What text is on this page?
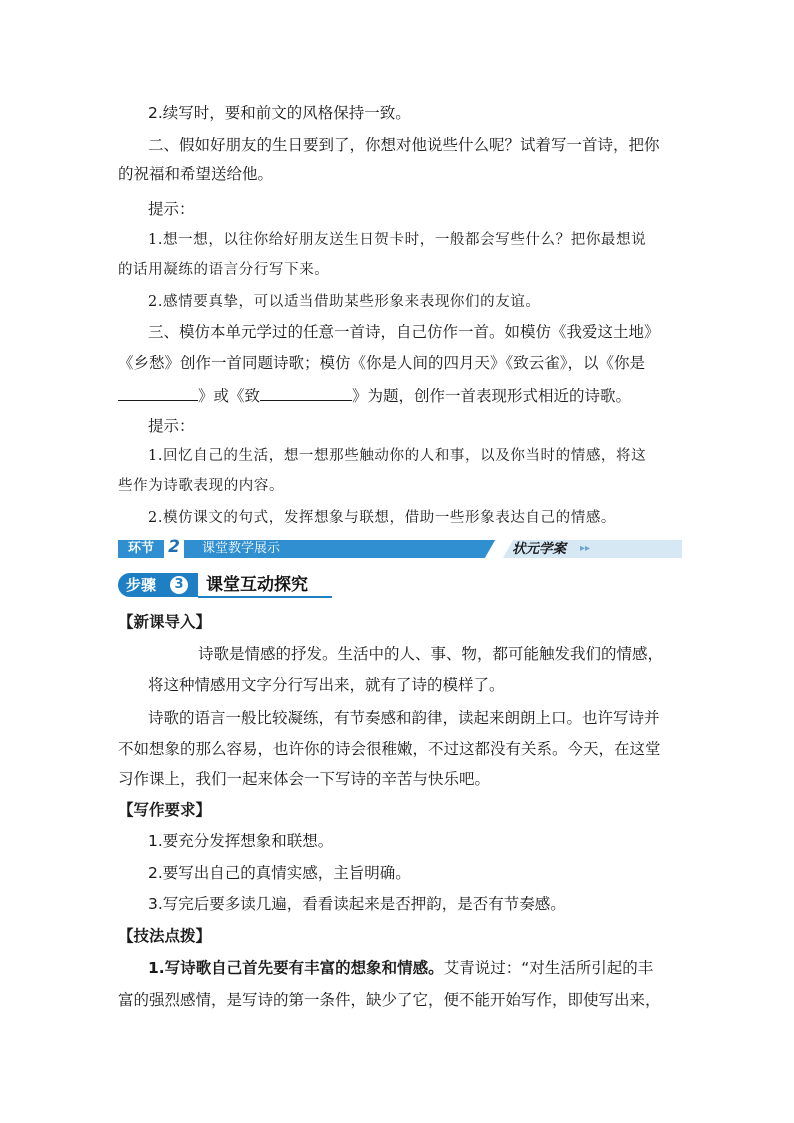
2.续写时，要和前文的风格保持一致。
二、假如好朋友的生日要到了，你想对他说些什么呢？试着写一首诗，把你
的祝福和希望送给他。
提示：
1.想一想，以往你给好朋友送生日贺卡时，一般都会写些什么？把你最想说
的话用凝练的语言分行写下来。
2.感情要真挚，可以适当借助某些形象来表现你们的友谊。
三、模仿本单元学过的任意一首诗，自己仿作一首。如模仿《我爱这土地》
《乡愁》创作一首同题诗歌；模仿《你是人间的四月天》《致云雀》，以《你是
》或《致	》为题，创作一首表现形式相近的诗歌。
提示：
1.回忆自己的生活，想一想那些触动你的人和事，以及你当时的情感，将这
些作为诗歌表现的内容。
2.模仿课文的句式，发挥想象与联想，借助一些形象表达自己的情感。
环节 2	课堂教学展示	状元学案 ▸▸
步骤	3 课堂互动探究
【新课导入】
诗歌是情感的抒发。生活中的人、事、物，都可能触发我们的情感，
将这种情感用文字分行写出来，就有了诗的模样了。
诗歌的语言一般比较凝练，有节奏感和韵律，读起来朗朗上口。也许写诗并
不如想象的那么容易，也许你的诗会很稚嫩，不过这都没有关系。今天，在这堂
习作课上，我们一起来体会一下写诗的辛苦与快乐吧。
【写作要求】
1.要充分发挥想象和联想。
2.要写出自己的真情实感，主旨明确。
3.写完后要多读几遍，看看读起来是否押韵，是否有节奏感。
【技法点拨】
1.写诗歌自己首先要有丰富的想象和情感。艾青说过：“对生活所引起的丰
富的强烈感情，是写诗的第一条件，缺少了它，便不能开始写作，即使写出来，
